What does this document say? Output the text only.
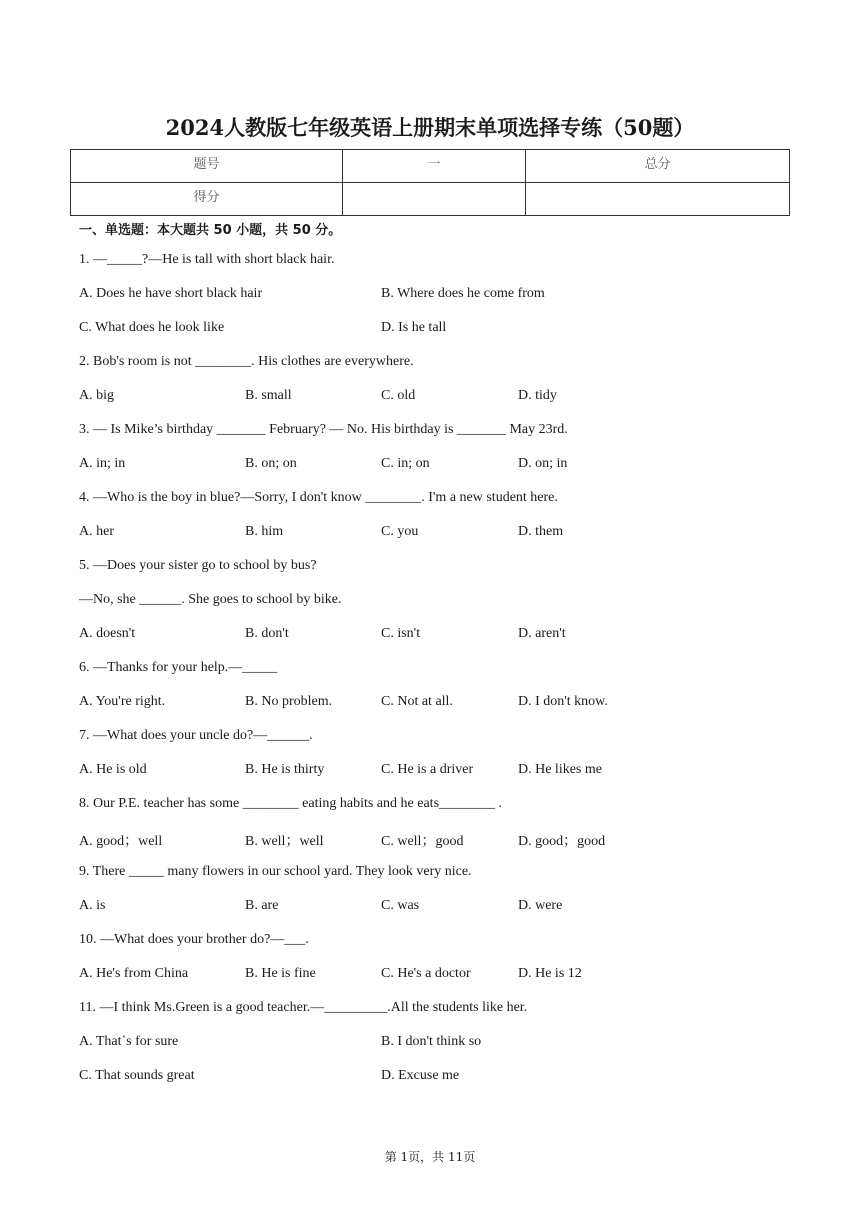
2024人教版七年级英语上册期末单项选择专练（50题）
题号	一	总分
得分		
一、单选题：本大题共 50 小题，共 50 分。
1. —_____?—He is tall with short black hair.
A. Does he have short black hair	B. Where does he come from
C. What does he look like	D. Is he tall
2. Bob's room is not ________. His clothes are everywhere.
A. big	B. small	C. old	D. tidy
3. — Is Mike’s birthday _______ February? — No. His birthday is _______ May 23rd.
A. in; in	B. on; on	C. in; on	D. on; in
4. —Who is the boy in blue?—Sorry, I don't know ________. I'm a new student here.
A. her	B. him	C. you	D. them
5. —Does your sister go to school by bus?
—No, she ______. She goes to school by bike.
A. doesn't	B. don't	C. isn't	D. aren't
6. —Thanks for your help.—_____
A. You're right.	B. No problem.	C. Not at all.	D. I don't know.
7. —What does your uncle do?—______.
A. He is old	B. He is thirty	C. He is a driver	D. He likes me
8. Our P.E. teacher has some ________ eating habits and he eats________ .
A. good；well	B. well；well	C. well；good	D. good；good
9. There _____ many flowers in our school yard. They look very nice.
A. is	B. are	C. was	D. were
10. —What does your brother do?—___.
A. He's from China	B. He is fine	C. He's a doctor	D. He is 12
11. —I think Ms.Green is a good teacher.—_________.All the students like her.
A. That᾽s for sure	B. I don't think so
C. That sounds great	D. Excuse me
第 1页，共 11页
